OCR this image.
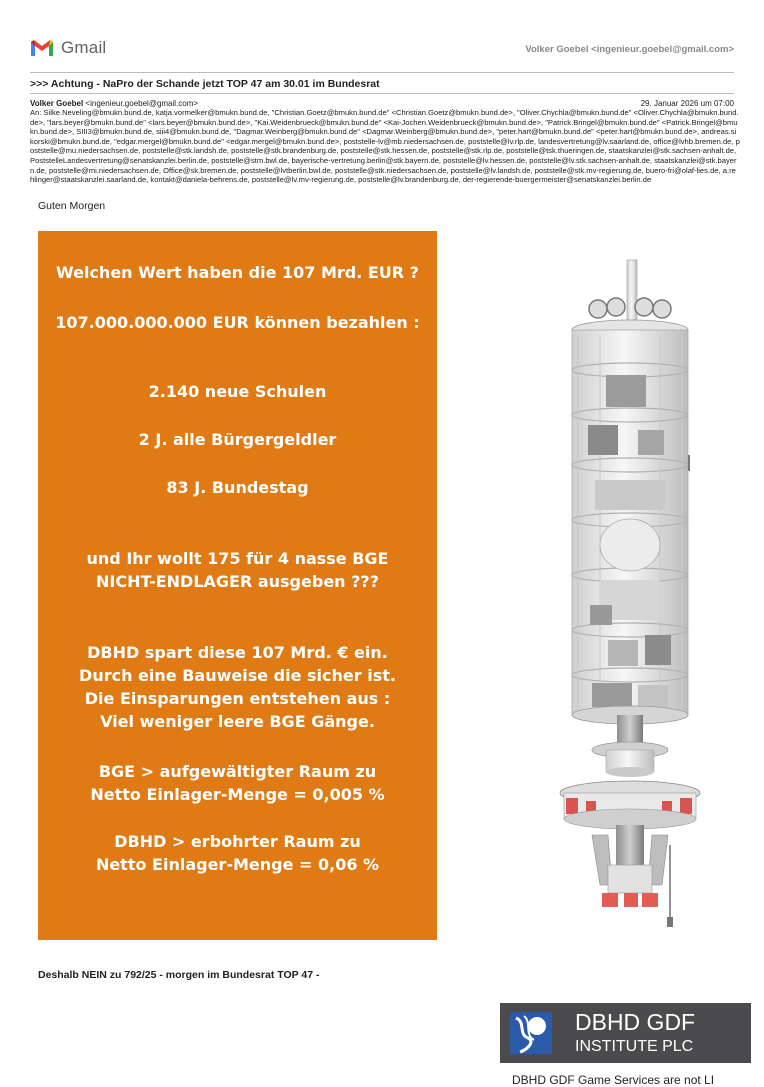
Gmail	Volker Goebel <ingenieur.goebel@gmail.com>
>>> Achtung - NaPro der Schande jetzt TOP 47 am 30.01 im Bundesrat
Volker Goebel <ingenieur.goebel@gmail.com>	29. Januar 2026 um 07:00
An: Silke.Neveling@bmukn.bund.de, katja.vormelker@bmukn.bund.de, "Christian.Goetz@bmukn.bund.de" <Christian.Goetz@bmukn.bund.de>, "Oliver.Chychla@bmukn.bund.de" <Oliver.Chychla@bmukn.bund.de>, "lars.beyer@bmukn.bund.de" <lars.beyer@bmukn.bund.de>, "Kai.Weidenbrueck@bmukn.bund.de" <Kai-Jochen.Weidenbrueck@bmukn.bund.de>, "Patrick.Bringel@bmukn.bund.de" <Patrick.Bringel@bmukn.bund.de>, SIII3@bmukn.bund.de, siii4@bmukn.bund.de, "Dagmar.Weinberg@bmukn.bund.de" <Dagmar.Weinberg@bmukn.bund.de>, "peter.hart@bmukn.bund.de" <peter.hart@bmukn.bund.de>, andreas.sikorski@bmukn.bund.de, "edgar.mergel@bmukn.bund.de" <edgar.mergel@bmukn.bund.de>, poststelle-lv@mb.niedersachsen.de, poststelle@lv.rlp.de, landesvertretung@lv.saarland.de, office@lvhb.bremen.de, poststelle@mu.niedersachsen.de, poststelle@stk.landsh.de, poststelle@stk.brandenburg.de, poststelle@stk.hessen.de, poststelle@stk.rlp.de, poststelle@tsk.thueringen.de, staatskanzlei@stk.sachsen-anhalt.de, PoststelleLandesvertretung@senatskanzlei.berlin.de, poststelle@stm.bwl.de, bayerische-vertretung.berlin@stk.bayern.de, poststelle@lv.hessen.de, poststelle@lv.stk.sachsen-anhalt.de, staatskanzlei@stk.bayern.de, poststelle@mi.niedersachsen.de, Office@sk.bremen.de, poststelle@lvtberlin.bwl.de, poststelle@stk.niedersachsen.de, poststelle@lv.landsh.de, poststelle@stk.mv-regierung.de, buero-fri@olaf-lies.de, a.rehlinger@staatskanzlei.saarland.de, kontakt@daniela-behrens.de, poststelle@lv.mv-regierung.de, poststelle@lv.brandenburg.de, der-regierende-buergermeister@senatskanzlei.berlin.de
Guten Morgen
Welchen Wert haben die 107 Mrd. EUR ?
107.000.000.000 EUR können bezahlen :
2.140 neue Schulen
2 J. alle Bürgergeldler
83 J. Bundestag
und Ihr wollt 175 für 4 nasse BGE
NICHT-ENDLAGER ausgeben ???
DBHD spart diese 107 Mrd. € ein.
Durch eine Bauweise die sicher ist.
Die Einsparungen entstehen aus :
Viel weniger leere BGE Gänge.
BGE > aufgewältigter Raum zu
Netto Einlager-Menge = 0,005 %
DBHD > erbohrter Raum zu
Netto Einlager-Menge = 0,06 %
Deshalb NEIN zu 792/25 - morgen im Bundesrat TOP 47 -
DBHD GDF
INSTITUTE PLC
DBHD GDF Game Services are not LI
